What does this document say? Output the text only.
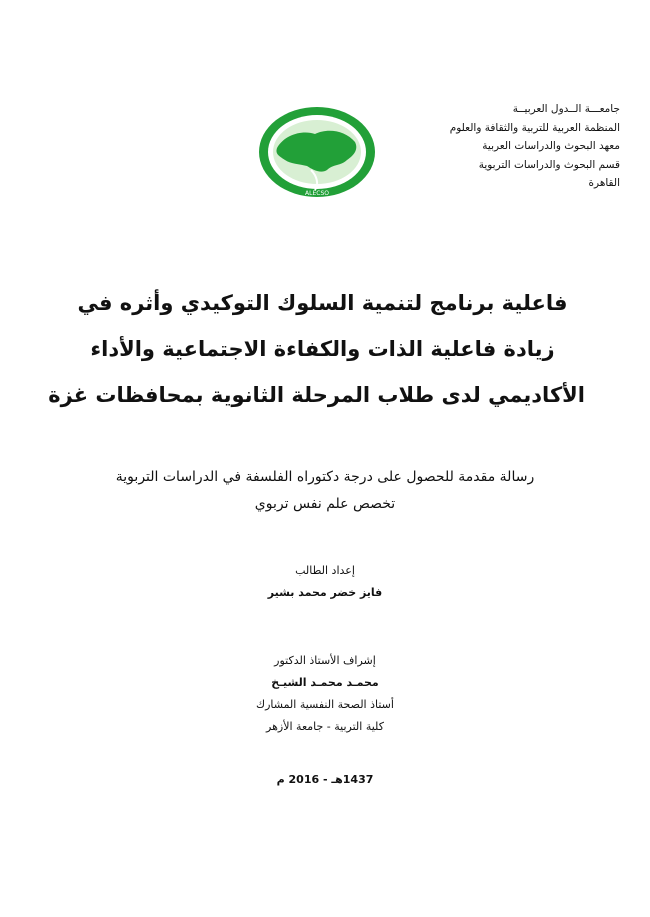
ALECSO
جامعـــة الــدول العربيــة
المنظمة العربية للتربية والثقافة والعلوم
معهد البحوث والدراسات العربية
قسم البحوث والدراسات التربوية
القاهرة
فاعلية برنامج لتنمية السلوك التوكيدي وأثره في
زيادة فاعلية الذات والكفاءة الاجتماعية والأداء
الأكاديمي لدى طلاب المرحلة الثانوية بمحافظات غزة
رسالة مقدمة للحصول على درجة دكتوراه الفلسفة في الدراسات التربوية
تخصص علم نفس تربوي
إعداد الطالب
فايز خضر محمد بشير
إشراف الأستاذ الدكتور
محمـد محمـد الشيـخ
أستاذ الصحة النفسية المشارك
كلية التربية - جامعة الأزهر
1437هـ - 2016 م
